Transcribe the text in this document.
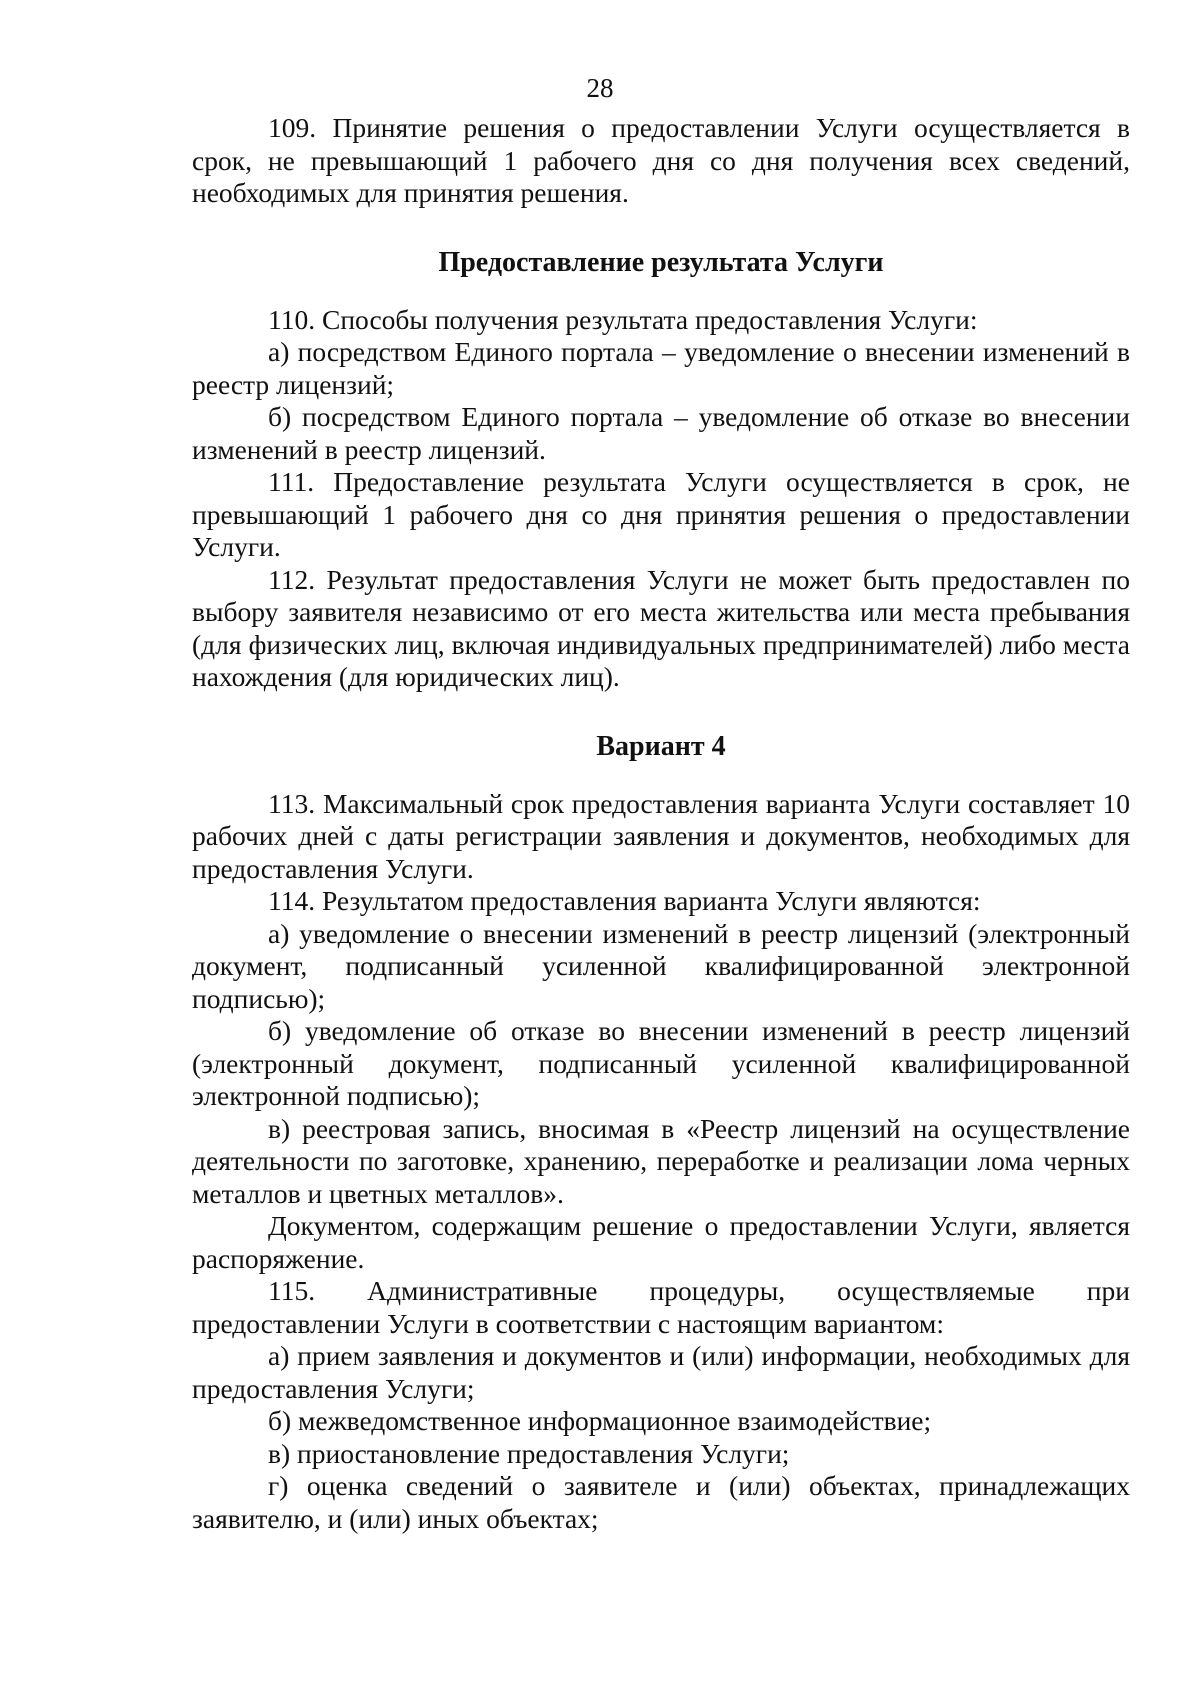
28

109. Принятие решения о предоставлении Услуги осуществляется в срок, не превышающий 1 рабочего дня со дня получения всех сведений, необходимых для принятия решения.

Предоставление результата Услуги

110. Способы получения результата предоставления Услуги:

а) посредством Единого портала – уведомление о внесении изменений в реестр лицензий;

б) посредством Единого портала – уведомление об отказе во внесении изменений в реестр лицензий.

111. Предоставление результата Услуги осуществляется в срок, не превышающий 1 рабочего дня со дня принятия решения о предоставлении Услуги.

112. Результат предоставления Услуги не может быть предоставлен по выбору заявителя независимо от его места жительства или места пребывания (для физических лиц, включая индивидуальных предпринимателей) либо места нахождения (для юридических лиц).

Вариант 4

113. Максимальный срок предоставления варианта Услуги составляет 10 рабочих дней с даты регистрации заявления и документов, необходимых для предоставления Услуги.

114. Результатом предоставления варианта Услуги являются:

а) уведомление о внесении изменений в реестр лицензий (электронный документ, подписанный усиленной квалифицированной электронной подписью);

б) уведомление об отказе во внесении изменений в реестр лицензий (электронный документ, подписанный усиленной квалифицированной электронной подписью);

в) реестровая запись, вносимая в «Реестр лицензий на осуществление деятельности по заготовке, хранению, переработке и реализации лома черных металлов и цветных металлов».

Документом, содержащим решение о предоставлении Услуги, является распоряжение.

115. Административные процедуры, осуществляемые при предоставлении Услуги в соответствии с настоящим вариантом:

а) прием заявления и документов и (или) информации, необходимых для предоставления Услуги;

б) межведомственное информационное взаимодействие;

в) приостановление предоставления Услуги;

г) оценка сведений о заявителе и (или) объектах, принадлежащих заявителю, и (или) иных объектах;
